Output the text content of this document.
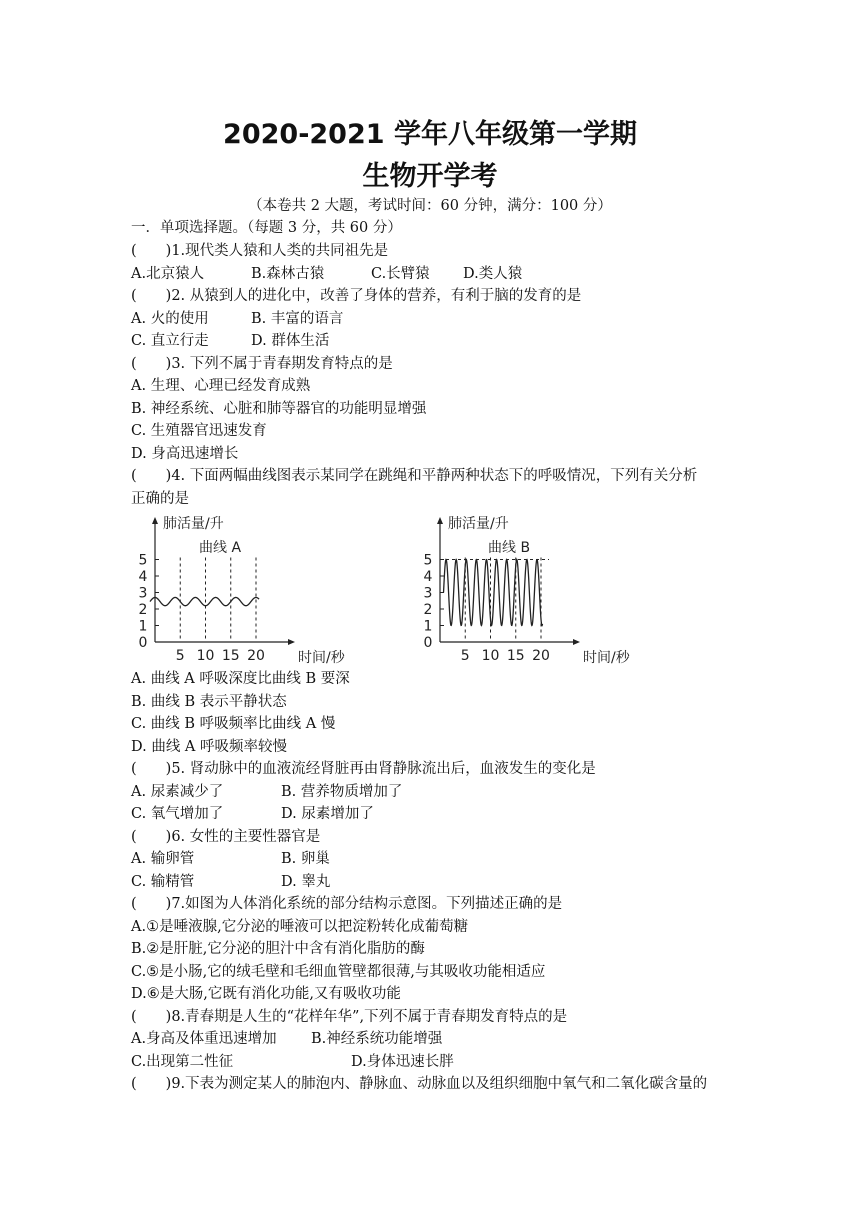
2020-2021 学年八年级第一学期
生物开学考
（本卷共 2 大题，考试时间：60 分钟，满分：100 分）
一．单项选择题。（每题 3 分，共 60 分）
(　　)1.现代类人猿和人类的共同祖先是
A.北京猿人	B.森林古猿	C.长臂猿 D.类人猿
(　　)2. 从猿到人的进化中，改善了身体的营养，有利于脑的发育的是
A. 火的使用	B. 丰富的语言
C. 直立行走	D. 群体生活
(　　)3. 下列不属于青春期发育特点的是
A. 生理、心理已经发育成熟
B. 神经系统、心脏和肺等器官的功能明显增强
C. 生殖器官迅速发育
D. 身高迅速增长
(　　)4. 下面两幅曲线图表示某同学在跳绳和平静两种状态下的呼吸情况，下列有关分析
正确的是
0
1
2
3
4
5
5 10 15 20
肺活量/升
时间/秒
曲线 A
0
1
2
3
4
5
5 10 15 20
肺活量/升
时间/秒
曲线 B
A. 曲线 A 呼吸深度比曲线 B 要深
B. 曲线 B 表示平静状态
C. 曲线 B 呼吸频率比曲线 A 慢
D. 曲线 A 呼吸频率较慢
(　　)5. 肾动脉中的血液流经肾脏再由肾静脉流出后，血液发生的变化是
A. 尿素减少了	B. 营养物质增加了
C. 氧气增加了	D. 尿素增加了
(　　)6. 女性的主要性器官是
A. 输卵管	B. 卵巢
C. 输精管	D. 睾丸
(　　)7.如图为人体消化系统的部分结构示意图。下列描述正确的是
A.①是唾液腺,它分泌的唾液可以把淀粉转化成葡萄糖
B.②是肝脏,它分泌的胆汁中含有消化脂肪的酶
C.⑤是小肠,它的绒毛壁和毛细血管壁都很薄,与其吸收功能相适应
D.⑥是大肠,它既有消化功能,又有吸收功能
(　　)8.青春期是人生的“花样年华”,下列不属于青春期发育特点的是
A.身高及体重迅速增加 B.神经系统功能增强
C.出现第二性征	D.身体迅速长胖
(　　)9.下表为测定某人的肺泡内、静脉血、动脉血以及组织细胞中氧气和二氧化碳含量的
